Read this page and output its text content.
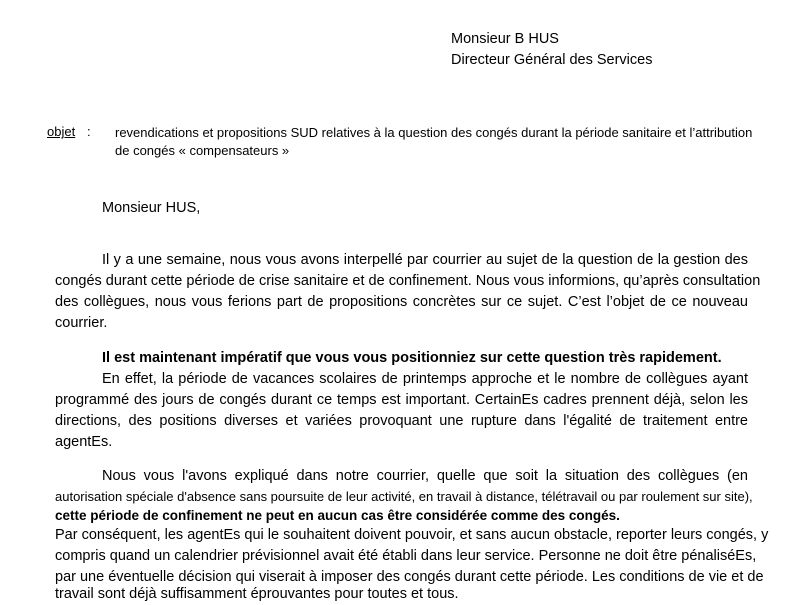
Monsieur B HUS
Directeur Général des Services
objet : revendications et propositions SUD relatives à la question des congés durant la période sanitaire et l’attribution
de congés « compensateurs »
Monsieur HUS,
Il y a une semaine, nous vous avons interpellé par courrier au sujet de la question de la gestion des
congés durant cette période de crise sanitaire et de confinement. Nous vous informions, qu’après consultation
des collègues, nous vous ferions part de propositions concrètes sur ce sujet. C’est l’objet de ce nouveau
courrier.
Il est maintenant impératif que vous vous positionniez sur cette question très rapidement.
En effet, la période de vacances scolaires de printemps approche et le nombre de collègues ayant
programmé des jours de congés durant ce temps est important. CertainEs cadres prennent déjà, selon les
directions, des positions diverses et variées provoquant une rupture dans l'égalité de traitement entre
agentEs.
Nous vous l'avons expliqué dans notre courrier, quelle que soit la situation des collègues (en
autorisation spéciale d'absence sans poursuite de leur activité, en travail à distance, télétravail ou par roulement sur site),
cette période de confinement ne peut en aucun cas être considérée comme des congés.
Par conséquent, les agentEs qui le souhaitent doivent pouvoir, et sans aucun obstacle, reporter leurs congés, y
compris quand un calendrier prévisionnel avait été établi dans leur service. Personne ne doit être pénaliséEs,
par une éventuelle décision qui viserait à imposer des congés durant cette période. Les conditions de vie et de
travail sont déjà suffisamment éprouvantes pour toutes et tous.
